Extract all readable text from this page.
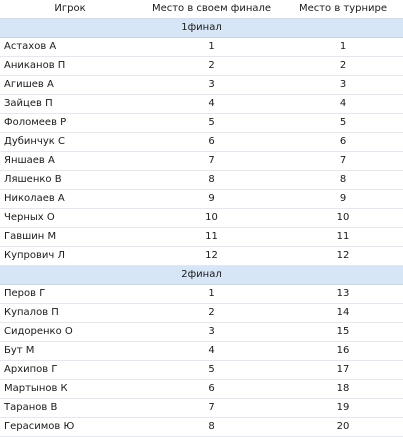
Игрок	Место в своем финале	Место в турнире
1финал		
Астахов А	1	1
Аниканов П	2	2
Агишев А	3	3
Зайцев П	4	4
Фоломеев Р	5	5
Дубинчук С	6	6
Яншаев А	7	7
Ляшенко В	8	8
Николаев А	9	9
Черных О	10	10
Гавшин М	11	11
Купрович Л	12	12
2финал		
Перов Г	1	13
Купалов П	2	14
Сидоренко О	3	15
Бут М	4	16
Архипов Г	5	17
Мартынов К	6	18
Таранов В	7	19
Герасимов Ю	8	20
